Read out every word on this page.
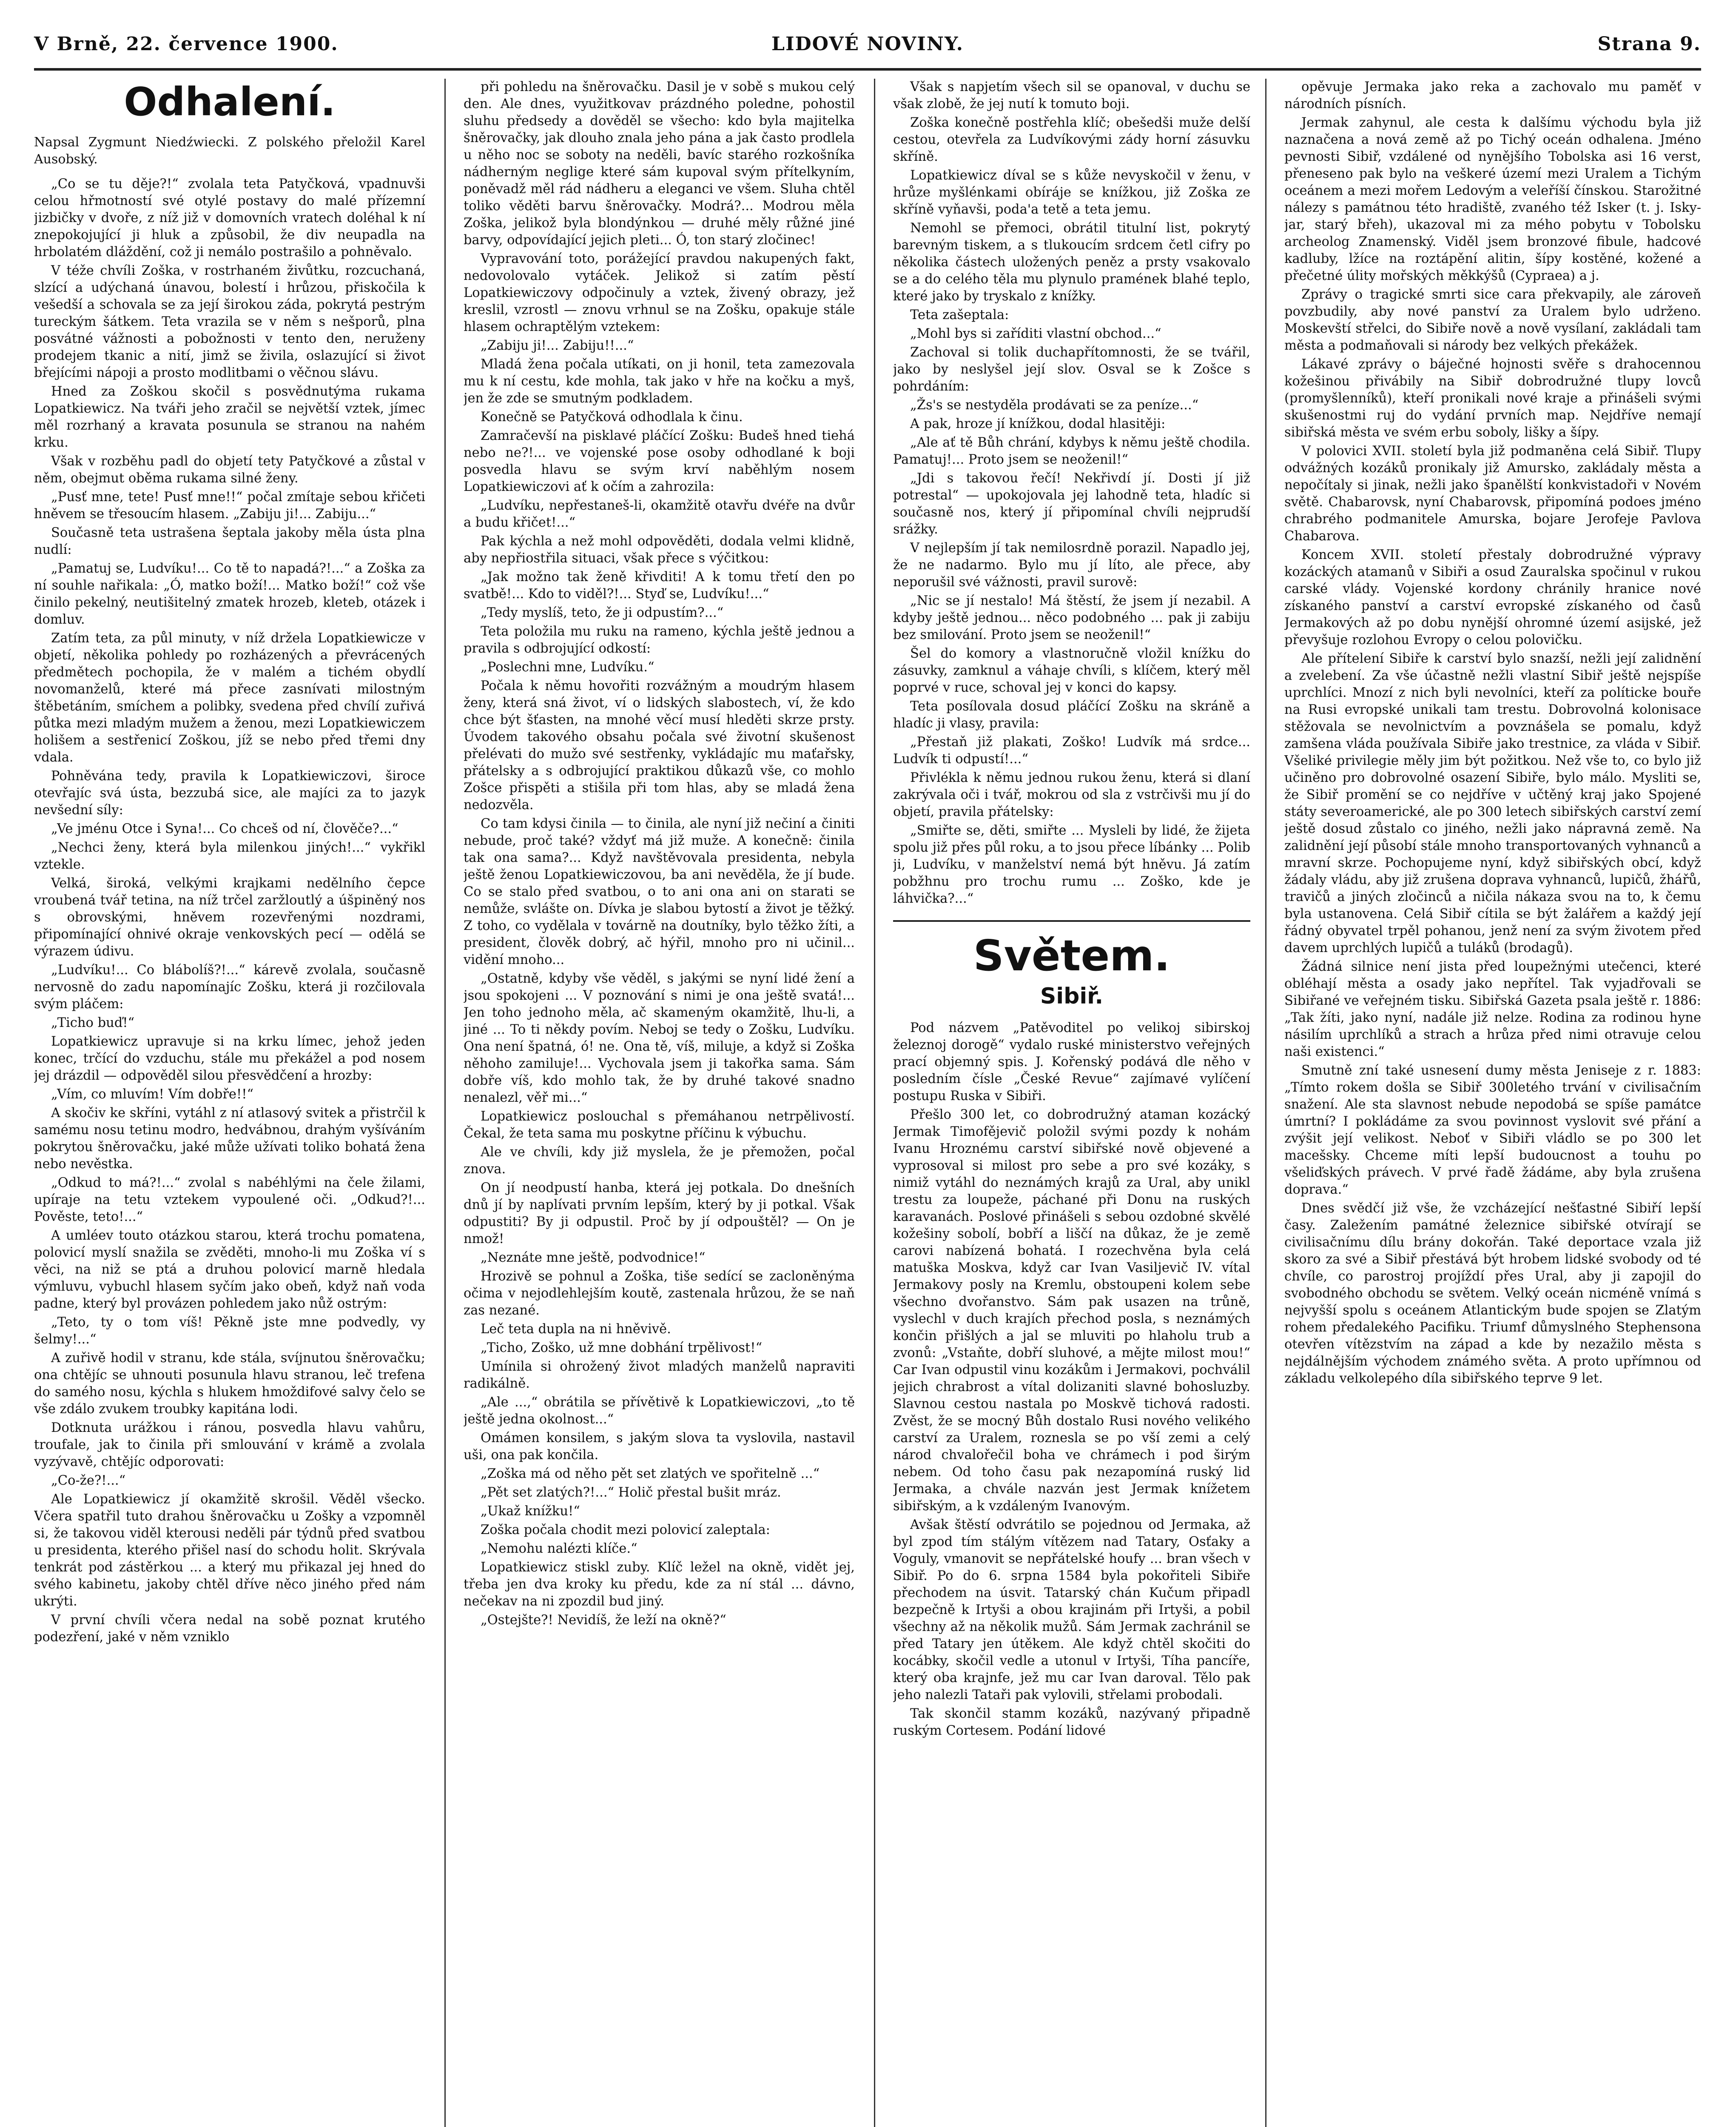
V Brně, 22. července 1900.	LIDOVÉ NOVINY.	Strana 9.
Odhalení.

Napsal Zygmunt Niedźwiecki. Z polského přeložil Karel Ausobský.

„Co se tu děje?!“ zvolala teta Patyčková, vpadnuvši celou hřmotností své otylé postavy do malé přízemní jizbičky v dvoře, z níž již v domovních vratech doléhal k ní znepokojující ji hluk a způsobil, že div neupadla na hrbolatém dláždění, což ji nemálo postrašilo a pohněvalo.

V téže chvíli Zoška, v rostrhaném živůtku, rozcuchaná, slzící a udýchaná únavou, bolestí i hrůzou, přiskočila k vešedší a schovala se za její širokou záda, pokrytá pestrým tureckým šátkem. Teta vrazila se v něm s nešporů, plna posvátné vážnosti a pobožnosti v tento den, neruženy prodejem tkanic a nití, jimž se živila, oslazující si život břejícími nápoji a prosto modlitbami o věčnou slávu.

Hned za Zoškou skočil s posvědnutýma rukama Lopatkiewicz. Na tváři jeho zračil se největší vztek, jímec měl rozrhaný a kravata posunula se stranou na nahém krku.

Však v rozběhu padl do objetí tety Patyčkové a zůstal v něm, obejmut oběma rukama silné ženy.

„Pusť mne, tete! Pusť mne!!“ počal zmítaje sebou křičeti hněvem se třesoucím hlasem. „Zabiju ji!... Zabiju...“

Současně teta ustrašena šeptala jakoby měla ústa plna nudlí:

„Pamatuj se, Ludvíku!... Co tě to napadá?!...“ a Zoška za ní souhle nařikala: „Ó, matko boží!... Matko boží!“ což vše činilo pekelný, neutišitelný zmatek hrozeb, kleteb, otázek i domluv.

Zatím teta, za půl minuty, v níž držela Lopatkiewicze v objetí, několika pohledy po rozházených a převrácených předmětech pochopila, že v malém a tichém obydlí novomanželů, které má přece zasnívati milostným štěbetáním, smíchem a polibky, svedena před chvílí zuřivá půtka mezi mladým mužem a ženou, mezi Lopatkiewiczem holišem a sestřenicí Zoškou, jíž se nebo před třemi dny vdala.

Pohněvána tedy, pravila k Lopatkiewiczovi, široce otevřajíc svá ústa, bezzubá sice, ale majíci za to jazyk nevšední síly:

„Ve jménu Otce i Syna!... Co chceš od ní, člověče?...“

„Nechci ženy, která byla milenkou jiných!...“ vykřikl vztekle.

Velká, široká, velkými krajkami nedělního čepce vroubená tvář tetina, na níž trčel zaržloutlý a úšpiněný nos s obrovskými, hněvem rozevřenými nozdrami, připomínající ohnivé okraje venkovských pecí — odělá se výrazem údivu.

„Ludvíku!... Co blábolíš?!...“ kárevě zvolala, současně nervosně do zadu napomínajíc Zošku, která ji rozčilovala svým pláčem:

„Ticho buď!“

Lopatkiewicz upravuje si na krku límec, jehož jeden konec, trčící do vzduchu, stále mu překážel a pod nosem jej drázdil — odpověděl silou přesvědčení a hrozby:

„Vím, co mluvím! Vím dobře!!“

A skočiv ke skříni, vytáhl z ní atlasový svitek a přistrčil k samému nosu tetinu modro, hedvábnou, drahým vyšíváním pokrytou šněrovačku, jaké může užívati toliko bohatá žena nebo nevěstka.

„Odkud to má?!...“ zvolal s nabéhlými na čele žilami, upíraje na tetu vztekem vypoulené oči. „Odkud?!... Pověste, teto!...“

A umléev touto otázkou starou, která trochu pomatena, polovicí myslí snažila se zvěděti, mnoho-li mu Zoška ví s věci, na niž se ptá a druhou polovicí marně hledala výmluvu, vybuchl hlasem syčím jako obeň, když naň voda padne, který byl provázen pohledem jako nůž ostrým:

„Teto, ty o tom víš! Pěkně jste mne podvedly, vy šelmy!...“

A zuřivě hodil v stranu, kde stála, svíjnutou šněrovačku; ona chtějíc se uhnouti posunula hlavu stranou, leč trefena do samého nosu, kýchla s hlukem hmoždifové salvy čelo se vše zdálo zvukem troubky kapitána lodi.

Dotknuta urážkou i ránou, posvedla hlavu vahůru, troufale, jak to činila při smlouvání v krámě a zvolala vyzývavě, chtějíc odporovati:

„Co-že?!...“

Ale Lopatkiewicz jí okamžitě skrošil. Věděl všecko. Včera spatřil tuto drahou šněrovačku u Zošky a vzpomněl si, že takovou viděl kterousi neděli pár týdnů před svatbou u presidenta, kterého přišel nasí do schodu holit. Skrývala tenkrát pod zástěrkou ... a který mu přikazal jej hned do svého kabinetu, jakoby chtěl dříve něco jiného před nám ukrýti.

V první chvíli včera nedal na sobě poznat krutého podezření, jaké v něm vzniklo

při pohledu na šněrovačku. Dasil je v sobě s mukou celý den. Ale dnes, využitkovav prázdného poledne, pohostil sluhu předsedy a dověděl se všecho: kdo byla majitelka šněrovačky, jak dlouho znala jeho pána a jak často prodlela u něho noc se soboty na neděli, bavíc starého rozkošníka nádherným neglige které sám kupoval svým přítelkyním, poněvadž měl rád nádheru a eleganci ve všem. Sluha chtěl toliko věděti barvu šněrovačky. Modrá?... Modrou měla Zoška, jelikož byla blondýnkou — druhé měly růžné jiné barvy, odpovídající jejich pleti... Ó, ton starý zločinec!

Vypravování toto, porážející pravdou nakupených fakt, nedovolovalo vytáček. Jelikož si zatím pěstí Lopatkiewiczovy odpočinuly a vztek, živený obrazy, jež kreslil, vzrostl — znovu vrhnul se na Zošku, opakuje stále hlasem ochraptělým vztekem:

„Zabiju ji!... Zabiju!!...“

Mladá žena počala utíkati, on ji honil, teta zamezovala mu k ní cestu, kde mohla, tak jako v hře na kočku a myš, jen že zde se smutným podkladem.

Konečně se Patyčková odhodlala k činu.

Zamračevší na pisklavé pláčící Zošku: Budeš hned tiehá nebo ne?!... ve vojenské pose osoby odhodlané k boji posvedla hlavu se svým krví naběhlým nosem Lopatkiewiczovi ať k očím a zahrozila:

„Ludvíku, nepřestaneš-li, okamžitě otavřu dvéře na dvůr a budu křičet!...“

Pak kýchla a než mohl odpověděti, dodala velmi klidně, aby nepřiostřila situaci, však přece s výčitkou:

„Jak možno tak ženě křivditi! A k tomu třetí den po svatbě!... Kdo to viděl?!... Styď se, Ludvíku!...“

„Tedy myslíš, teto, že ji odpustím?...“

Teta položila mu ruku na rameno, kýchla ještě jednou a pravila s odbrojující odkostí:

„Poslechni mne, Ludvíku.“

Počala k němu hovořiti rozvážným a moudrým hlasem ženy, která sná život, ví o lidských slabostech, ví, že kdo chce být šťasten, na mnohé věcí musí hleděti skrze prsty. Úvodem takového obsahu počala své životní skušenost přelévati do mužo své sestřenky, vykládajíc mu maťařsky, přátelsky a s odbrojující praktikou důkazů vše, co mohlo Zošce přispěti a stišila při tom hlas, aby se mladá žena nedozvěla.

Co tam kdysi činila — to činila, ale nyní již nečiní a činiti nebude, proč také? vždyť má již muže. A konečně: činila tak ona sama?... Když navštěvovala presidenta, nebyla ještě ženou Lopatkiewiczovou, ba ani nevěděla, že jí bude. Co se stalo před svatbou, o to ani ona ani on starati se nemůže, svlášte on. Dívka je slabou bytostí a život je těžký. Z toho, co vydělala v továrně na doutníky, bylo těžko žíti, a president, člověk dobrý, ač hýřil, mnoho pro ni učinil... vidění mnoho...

„Ostatně, kdyby vše věděl, s jakými se nyní lidé žení a jsou spokojeni ... V poznování s nimi je ona ještě svatá!... Jen toho jednoho měla, ač skameným okamžitě, lhu-li, a jiné ... To ti někdy povím. Neboj se tedy o Zošku, Ludvíku. Ona není špatná, ó! ne. Ona tě, víš, miluje, a když si Zoška něhoho zamiluje!... Vychovala jsem ji takořka sama. Sám dobře víš, kdo mohlo tak, že by druhé takové snadno nenalezl, věř mi...“

Lopatkiewicz poslouchal s přemáhanou netrpělivostí. Čekal, že teta sama mu poskytne příčinu k výbuchu.

Ale ve chvíli, kdy již myslela, že je přemožen, počal znova.

On jí neodpustí hanba, která jej potkala. Do dnešních dnů jí by naplívati prvním lepším, který by ji potkal. Však odpustiti? By ji odpustil. Proč by jí odpouštěl? — On je nmož!

„Neznáte mne ještě, podvodnice!“

Hrozivě se pohnul a Zoška, tiše sedící se zacloněnýma očima v nejodlehlejším koutě, zastenala hrůzou, že se naň zas nezané.

Leč teta dupla na ni hněvivě.

„Ticho, Zoško, už mne dobhání trpělivost!“

Umínila si ohrožený život mladých manželů napraviti radikálně.

„Ale ...,“ obrátila se přívětivě k Lopatkiewiczovi, „to tě ještě jedna okolnost...“

Omámen konsilem, s jakým slova ta vyslovila, nastavil uši, ona pak končila.

„Zoška má od něho pět set zlatých ve spořitelně ...“

„Pět set zlatých?!...“ Holič přestal bušit mráz.

„Ukaž knížku!“

Zoška počala chodit mezi polovicí zaleptala:

„Nemohu nalézti klíče.“

Lopatkiewicz stiskl zuby. Klíč ležel na okně, vidět jej, třeba jen dva kroky ku předu, kde za ní stál ... dávno, nečekav na ni zpozdil bud jiný.

„Ostejšte?! Nevidíš, že leží na okně?“

Však s napjetím všech sil se opanoval, v duchu se však zlobě, že jej nutí k tomuto boji.

Zoška konečně postřehla klíč; obešedši muže delší cestou, otevřela za Ludvíkovými zády horní zásuvku skříně.

Lopatkiewicz díval se s kůže nevyskočil v ženu, v hrůze myšlénkami obíráje se knížkou, již Zoška ze skříně vyňavši, poda'a tetě a teta jemu.

Nemohl se přemoci, obrátil titulní list, pokrytý barevným tiskem, a s tlukoucím srdcem četl cifry po několika částech uložených peněz a prsty vsakovalo se a do celého těla mu plynulo pramének blahé teplo, které jako by tryskalo z knížky.

Teta zašeptala:

„Mohl bys si zaříditi vlastní obchod...“

Zachoval si tolik duchapřítomnosti, že se tvářil, jako by neslyšel její slov. Osval se k Zošce s pohrdáním:

„Žs's se nestyděla prodávati se za peníze...“

A pak, hroze jí knížkou, dodal hlasitěji:

„Ale ať tě Bůh chrání, kdybys k němu ještě chodila. Pamatuj!... Proto jsem se neoženil!“

„Jdi s takovou řečí! Nekřivdí jí. Dosti jí již potrestal“ — upokojovala jej lahodně teta, hladíc si současně nos, který jí připomínal chvíli nejprudší srážky.

V nejlepším jí tak nemilosrdně porazil. Napadlo jej, že ne nadarmo. Bylo mu jí líto, ale přece, aby neporušil své vážnosti, pravil surově:

„Nic se jí nestalo! Má štěstí, že jsem jí nezabil. A kdyby ještě jednou... něco podobného ... pak ji zabiju bez smilování. Proto jsem se neoženil!“

Šel do komory a vlastnoručně vložil knížku do zásuvky, zamknul a váhaje chvíli, s klíčem, který měl poprvé v ruce, schoval jej v konci do kapsy.

Teta posílovala dosud pláčící Zošku na skráně a hladíc ji vlasy, pravila:

„Přestaň již plakati, Zoško! Ludvík má srdce... Ludvík ti odpustí!...“

Přivlékla k němu jednou rukou ženu, která si dlaní zakrývala oči i tvář, mokrou od sla z vstrčivši mu jí do objetí, pravila přátelsky:

„Smiřte se, děti, smiřte ... Mysleli by lidé, že žijeta spolu již přes půl roku, a to jsou přece líbánky ... Polib ji, Ludvíku, v manželství nemá být hněvu. Já zatím pobžhnu pro trochu rumu ... Zoško, kde je láhvička?...“

Světem.
Sibiř.

Pod názvem „Patěvoditel po velikoj sibirskoj železnoj dorogě“ vydalo ruské ministerstvo veřejných prací objemný spis. J. Kořenský podává dle něho v posledním čísle „České Revue“ zajímavé vylíčení postupu Ruska v Sibiři.

Přešlo 300 let, co dobrodružný ataman kozácký Jermak Timofějevič položil svými pozdy k nohám Ivanu Hroznému carství sibiřské nově objevené a vyprosoval si milost pro sebe a pro své kozáky, s nimiž vytáhl do neznámých krajů za Ural, aby unikl trestu za loupeže, páchané při Donu na ruských karavanách. Poslové přinášeli s sebou ozdobné skvělé kožešiny sobolí, bobří a liščí na důkaz, že je země carovi nabízená bohatá. I rozechvěna byla celá matuška Moskva, když car Ivan Vasiljevič IV. vítal Jermakovy posly na Kremlu, obstoupeni kolem sebe všechno dvořanstvo. Sám pak usazen na trůně, vyslechl v duch krajích přechod posla, s neznámých končin přišlých a jal se mluviti po hlaholu trub a zvonů: „Vstaňte, dobří sluhové, a mějte milost mou!“ Car Ivan odpustil vinu kozákům i Jermakovi, pochválil jejich chrabrost a vítal dolizaniti slavné bohosluzby. Slavnou cestou nastala po Moskvě tichová radosti. Zvěst, že se mocný Bůh dostalo Rusi nového velikého carství za Uralem, roznesla se po vší zemi a celý národ chvalořečil boha ve chrámech i pod širým nebem. Od toho času pak nezapomíná ruský lid Jermaka, a chvále nazván jest Jermak knížetem sibiřským, a k vzdáleným Ivanovým.

Avšak štěstí odvrátilo se pojednou od Jermaka, až byl zpod tím stálým vítězem nad Tatary, Osťaky a Voguly, vmanovit se nepřátelské houfy ... bran všech v Sibiř. Po do 6. srpna 1584 byla pokořiteli Sibiře přechodem na úsvit. Tatarský chán Kučum připadl bezpečně k Irtyši a obou krajinám při Irtyši, a pobil všechny až na několik mužů. Sám Jermak zachránil se před Tatary jen útěkem. Ale když chtěl skočiti do kocábky, skočil vedle a utonul v Irtyši, Tíha pancíře, který oba krajnfe, jež mu car Ivan daroval. Tělo pak jeho nalezli Tataři pak vylovili, střelami probodali.

Tak skončil stamm kozáků, nazývaný připadně ruským Cortesem. Podání lidové

opěvuje Jermaka jako reka a zachovalo mu paměť v národních písních.

Jermak zahynul, ale cesta k dalšímu východu byla již naznačena a nová země až po Tichý oceán odhalena. Jméno pevnosti Sibiř, vzdálené od nynějšího Tobolska asi 16 verst, přeneseno pak bylo na veškeré území mezi Uralem a Tichým oceánem a mezi mořem Ledovým a veleříší čínskou. Starožitné nálezy s památnou této hradiště, zvaného též Isker (t. j. Isky-jar, starý břeh), ukazoval mi za mého pobytu v Tobolsku archeolog Znamenský. Viděl jsem bronzové fibule, hadcové kadluby, lžíce na roztápění alitin, šípy kostěné, kožené a přečetné úlity mořských měkkýšů (Cypraea) a j.

Zprávy o tragické smrti sice cara překvapily, ale zároveň povzbudily, aby nové panství za Uralem bylo udrženo. Moskevští střelci, do Sibiře nově a nově vysílaní, zakládali tam města a podmaňovali si národy bez velkých překážek.

Lákavé zprávy o báječné hojnosti svěře s drahocennou kožešinou přivábily na Sibiř dobrodružné tlupy lovců (promyšlenníků), kteří pronikali nové kraje a přinášeli svými skušenostmi ruj do vydání prvních map. Nejdříve nemají sibiřská města ve svém erbu soboly, lišky a šípy.

V polovici XVII. století byla již podmaněna celá Sibiř. Tlupy odvážných kozáků pronikaly již Amursko, zakládaly města a nepočítaly si jinak, nežli jako španělští konkvistadoři v Novém světě. Chabarovsk, nyní Chabarovsk, připomíná podoes jméno chrabrého podmanitele Amurska, bojare Jerofeje Pavlova Chabarova.

Koncem XVII. století přestaly dobrodružné výpravy kozáckých atamanů v Sibiři a osud Zauralska spočinul v rukou carské vlády. Vojenské kordony chránily hranice nové získaného panství a carství evropské získaného od časů Jermakových až po dobu nynější ohromné území asijské, jež převyšuje rozlohou Evropy o celou polovičku.

Ale přítelení Sibiře k carství bylo snazší, nežli její zalidnění a zvelebení. Za vše účastně nežli vlastní Sibiř ještě nejspíše uprchlíci. Mnozí z nich byli nevolníci, kteří za políticke bouře na Rusi evropské unikali tam trestu. Dobrovolná kolonisace stěžovala se nevolnictvím a povznášela se pomalu, když zamšena vláda používala Sibiře jako trestnice, za vláda v Sibiř. Všeliké privilegie měly jim být požitkou. Než vše to, co bylo již učiněno pro dobrovolné osazení Sibiře, bylo málo. Mysliti se, že Sibiř promění se co nejdříve v učtěný kraj jako Spojené státy severoamerické, ale po 300 letech sibiřských carství zemí ještě dosud zůstalo co jiného, nežli jako nápravná země. Na zalidnění její působí stále mnoho transportovaných vyhnanců a mravní skrze. Pochopujeme nyní, když sibiřských obcí, když žádaly vládu, aby již zrušena doprava vyhnanců, lupičů, žhářů, travičů a jiných zločinců a ničila nákaza svou na to, k čemu byla ustanovena. Celá Sibiř cítila se být žalářem a každý její řádný obyvatel trpěl pohanou, jenž není za svým životem před davem uprchlých lupičů a tuláků (brodagů).

Žádná silnice není jista před loupežnými utečenci, které obléhají města a osady jako nepřítel. Tak vyjadřovali se Sibiřané ve veřejném tisku. Sibiřská Gazeta psala ještě r. 1886: „Tak žíti, jako nyní, nadále již nelze. Rodina za rodinou hyne násilím uprchlíků a strach a hrůza před nimi otravuje celou naši existenci.“

Smutně zní také usnesení dumy města Jeniseje z r. 1883: „Tímto rokem došla se Sibiř 300letého trvání v civilisačním snažení. Ale sta slavnost nebude nepodobá se spíše památce úmrtní? I pokládáme za svou povinnost vyslovit své přání a zvýšit její velikost. Neboť v Sibiři vládlo se po 300 let macešsky. Chceme míti lepší budoucnost a touhu po všeliďských právech. V prvé řadě žádáme, aby byla zrušena doprava.“

Dnes svědčí již vše, že vzcházející nešťastné Sibiří lepší časy. Zaležením památné železnice sibiřské otvírají se civilisačnímu dílu brány dokořán. Také deportace vzala již skoro za své a Sibiř přestává být hrobem lidské svobody od té chvíle, co parostroj projíždí přes Ural, aby ji zapojil do svobodného obchodu se světem. Velký oceán nicméně vnímá s nejvyšší spolu s oceánem Atlantickým bude spojen se Zlatým rohem předalekého Pacifiku. Triumf důmyslného Stephensona otevřen vítězstvím na západ a kde by nezažilo města s nejdálnějším východem známého světa. A proto upřímnou od základu velkolepého díla sibiřského teprve 9 let.
